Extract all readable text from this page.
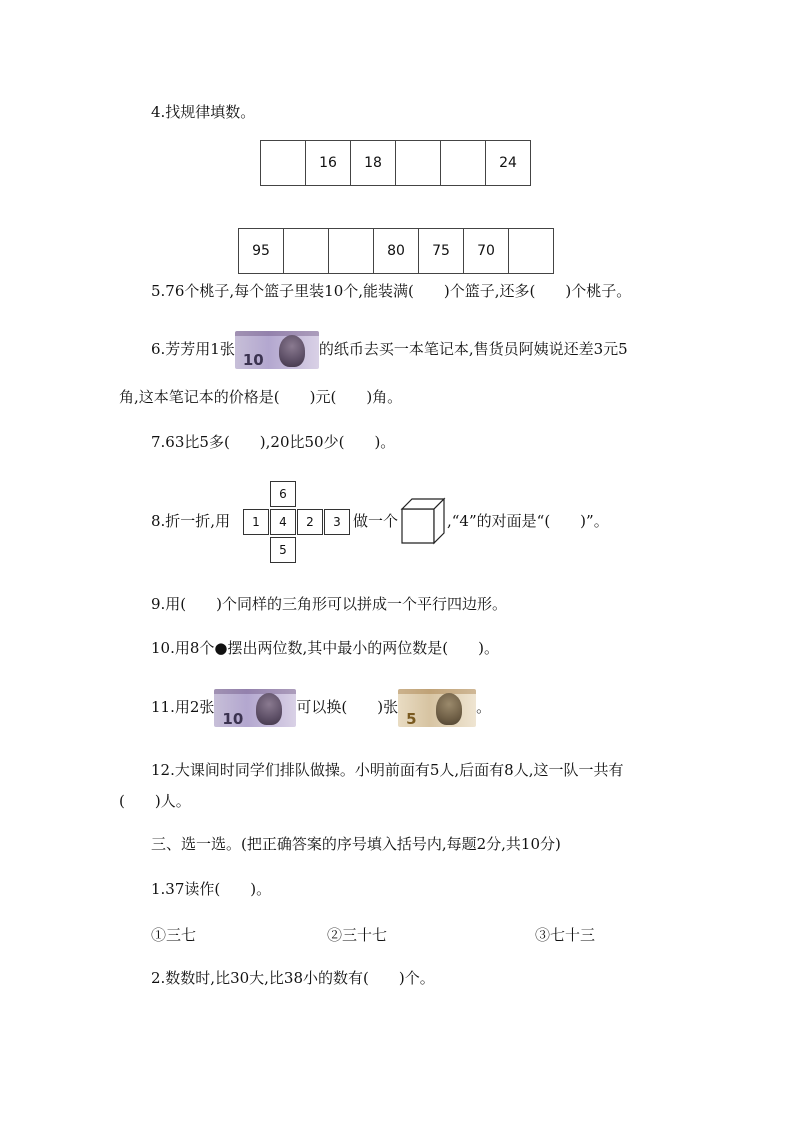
4.找规律填数。
	16	18			24
95			80	75	70	
5.76个桃子,每个篮子里装10个,能装满(　　)个篮子,还多(　　)个桃子。
6.芳芳用1张
10
的纸币去买一本笔记本,售货员阿姨说还差3元5
角,这本笔记本的价格是(　　)元(　　)角。
7.63比5多(　　),20比50少(　　)。
8.折一折,用
6
1	4	2	3
5
做一个	,“4”的对面是“(　　)”。
9.用(　　)个同样的三角形可以拼成一个平行四边形。
10.用8个●摆出两位数,其中最小的两位数是(　　)。
11.用2张
10
可以换(　　)张
5
。
12.大课间时同学们排队做操。小明前面有5人,后面有8人,这一队一共有
(　　)人。
三、选一选。(把正确答案的序号填入括号内,每题2分,共10分)
1.37读作(　　)。
①三七	②三十七	③七十三
2.数数时,比30大,比38小的数有(　　)个。
